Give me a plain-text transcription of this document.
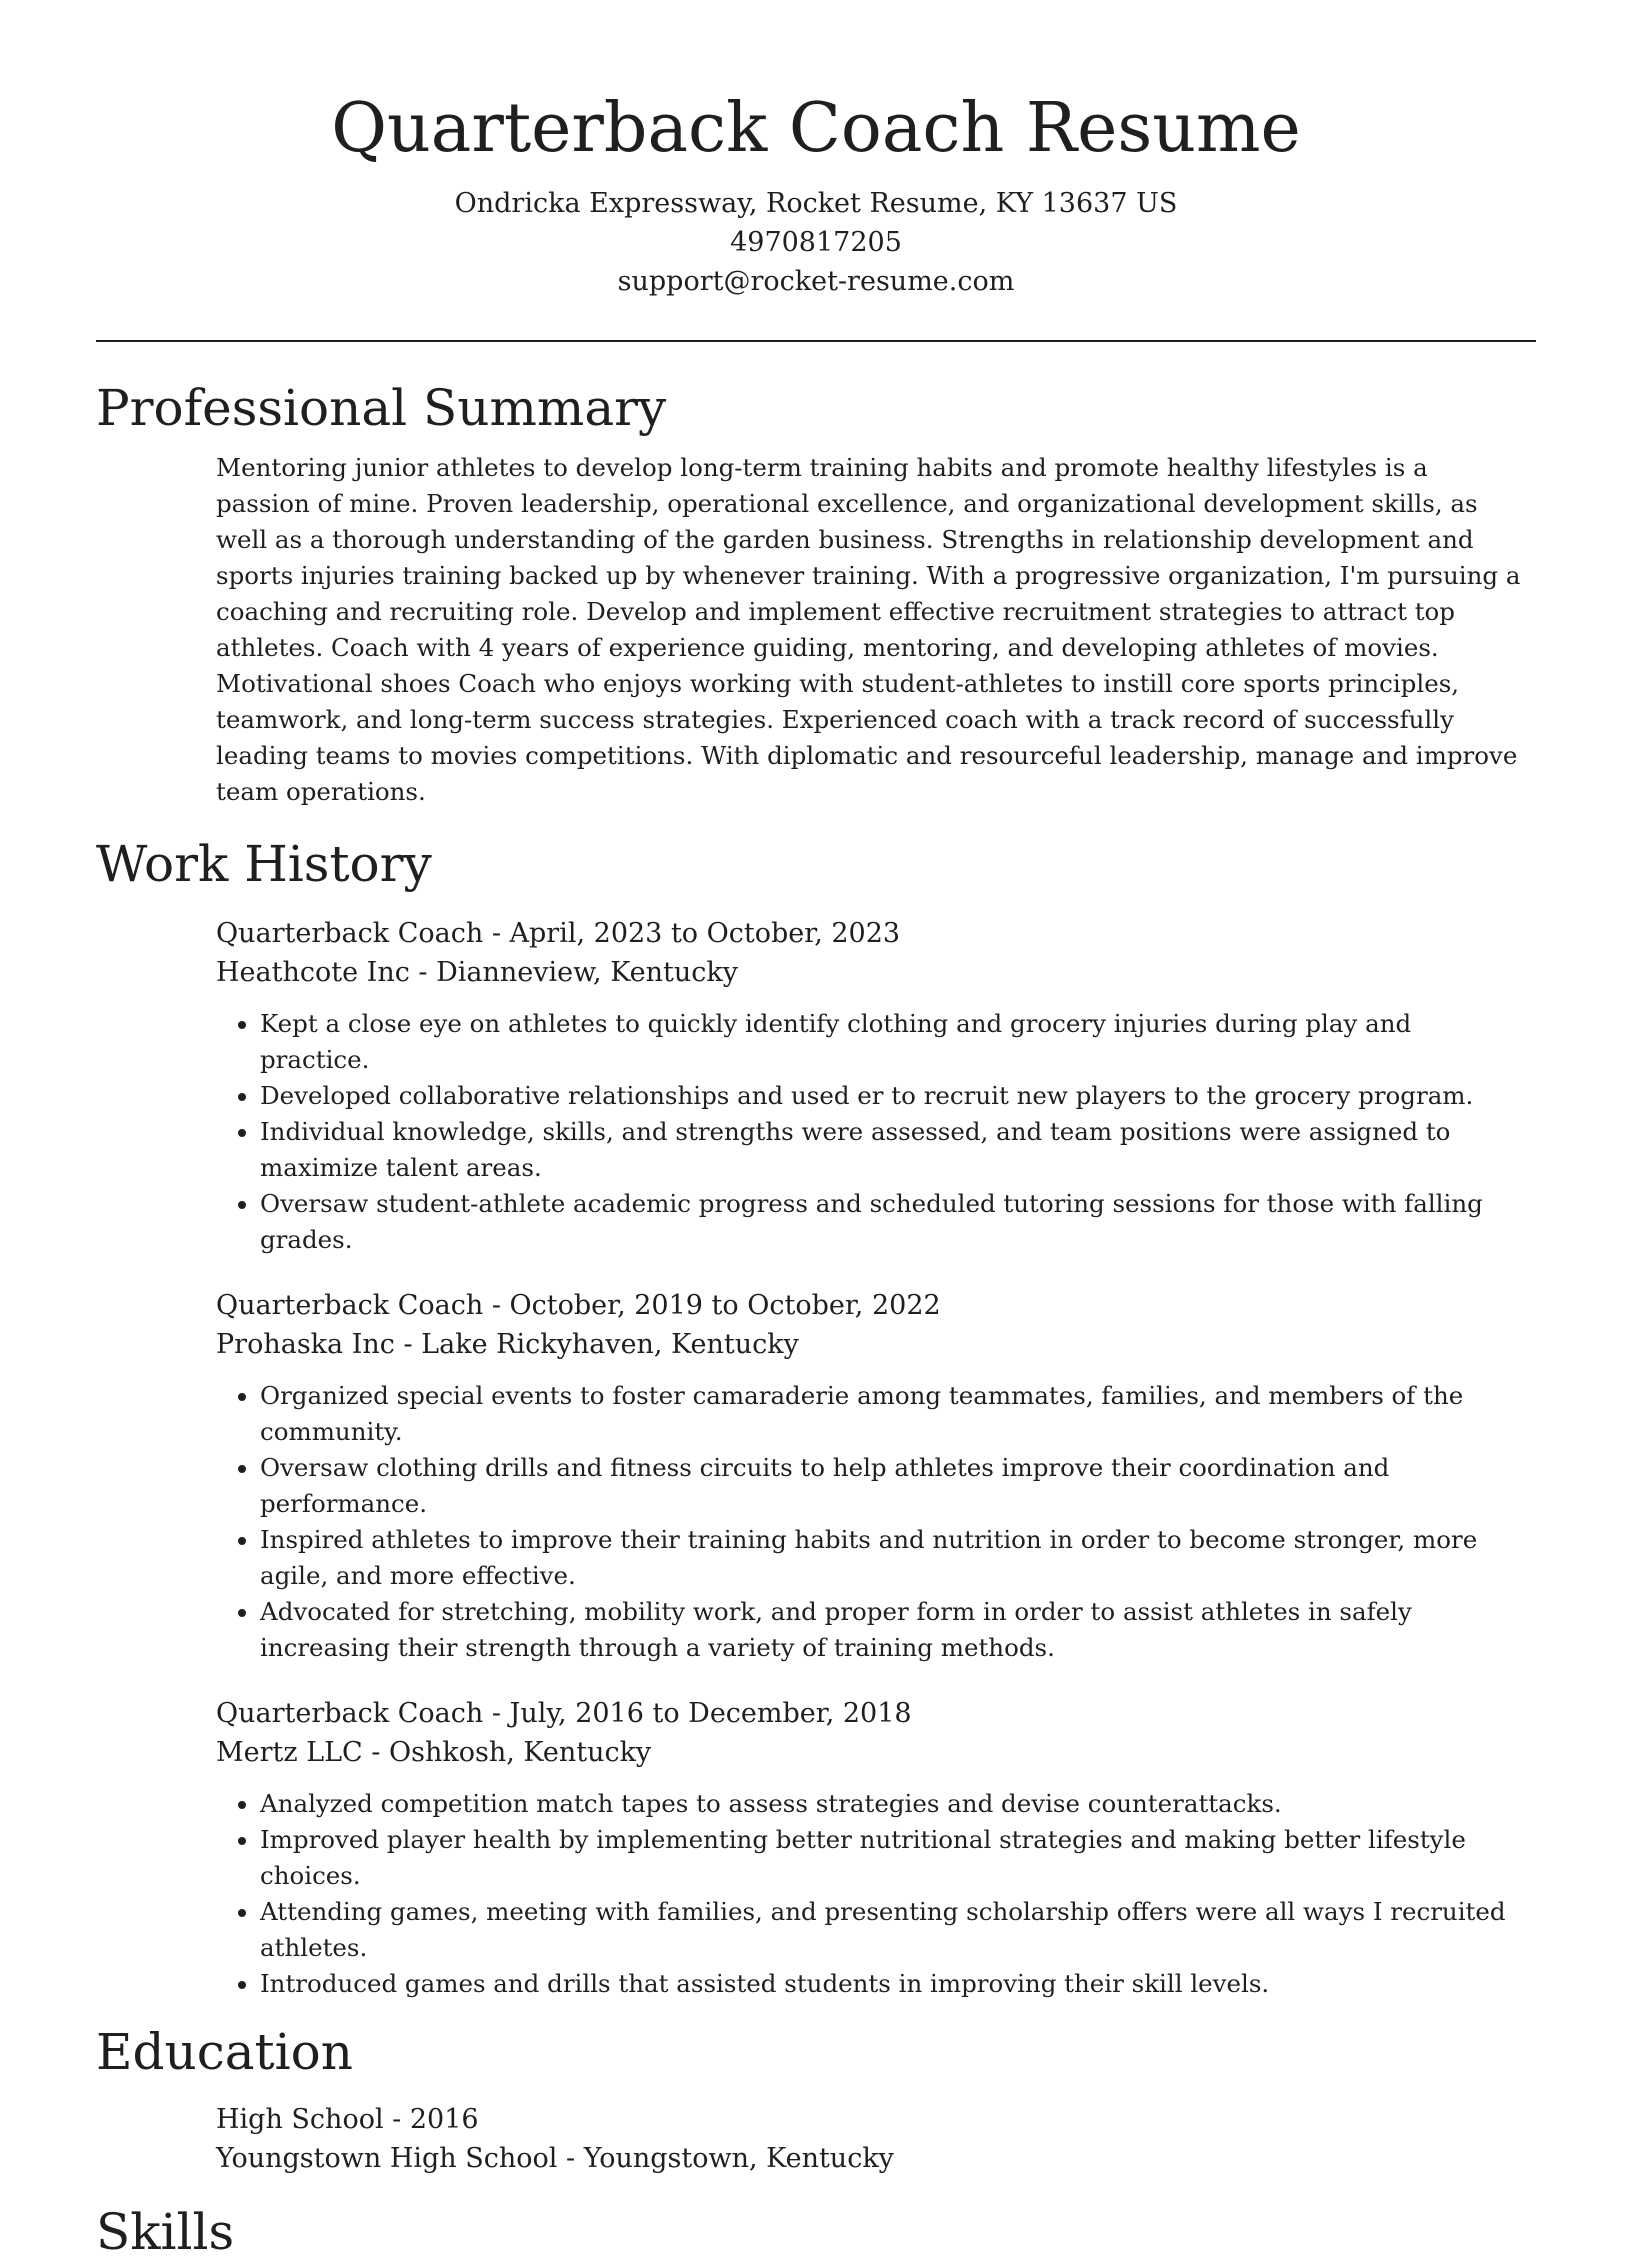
Quarterback Coach Resume
Ondricka Expressway, Rocket Resume, KY 13637 US
4970817205
support@rocket-resume.com
Professional Summary
Mentoring junior athletes to develop long-term training habits and promote healthy lifestyles is a passion of mine. Proven leadership, operational excellence, and organizational development skills, as well as a thorough understanding of the garden business. Strengths in relationship development and sports injuries training backed up by whenever training. With a progressive organization, I'm pursuing a coaching and recruiting role. Develop and implement effective recruitment strategies to attract top athletes. Coach with 4 years of experience guiding, mentoring, and developing athletes of movies. Motivational shoes Coach who enjoys working with student-athletes to instill core sports principles, teamwork, and long-term success strategies. Experienced coach with a track record of successfully leading teams to movies competitions. With diplomatic and resourceful leadership, manage and improve team operations.
Work History
Quarterback Coach - April, 2023 to October, 2023
Heathcote Inc - Dianneview, Kentucky
• Kept a close eye on athletes to quickly identify clothing and grocery injuries during play and practice.
• Developed collaborative relationships and used er to recruit new players to the grocery program.
• Individual knowledge, skills, and strengths were assessed, and team positions were assigned to maximize talent areas.
• Oversaw student-athlete academic progress and scheduled tutoring sessions for those with falling grades.
Quarterback Coach - October, 2019 to October, 2022
Prohaska Inc - Lake Rickyhaven, Kentucky
• Organized special events to foster camaraderie among teammates, families, and members of the community.
• Oversaw clothing drills and fitness circuits to help athletes improve their coordination and performance.
• Inspired athletes to improve their training habits and nutrition in order to become stronger, more agile, and more effective.
• Advocated for stretching, mobility work, and proper form in order to assist athletes in safely increasing their strength through a variety of training methods.
Quarterback Coach - July, 2016 to December, 2018
Mertz LLC - Oshkosh, Kentucky
• Analyzed competition match tapes to assess strategies and devise counterattacks.
• Improved player health by implementing better nutritional strategies and making better lifestyle choices.
• Attending games, meeting with families, and presenting scholarship offers were all ways I recruited athletes.
• Introduced games and drills that assisted students in improving their skill levels.
Education
High School - 2016
Youngstown High School - Youngstown, Kentucky
Skills
